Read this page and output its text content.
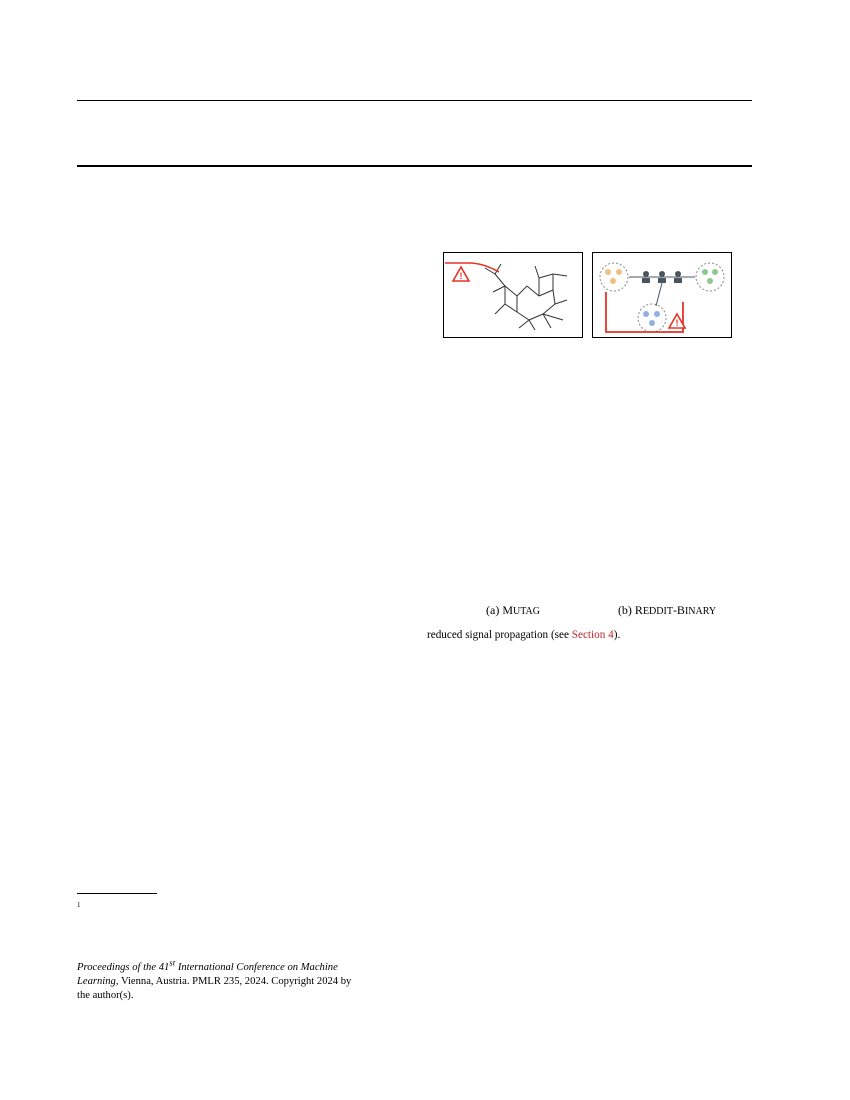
$^1$
Proceedings of the 41st International Conference on Machine
Learning, Vienna, Austria. PMLR 235, 2024. Copyright 2024 by
the author(s).
!
!
(a) MUTAG	(b) REDDIT-BINARY
reduced signal propagation (see Section 4).
